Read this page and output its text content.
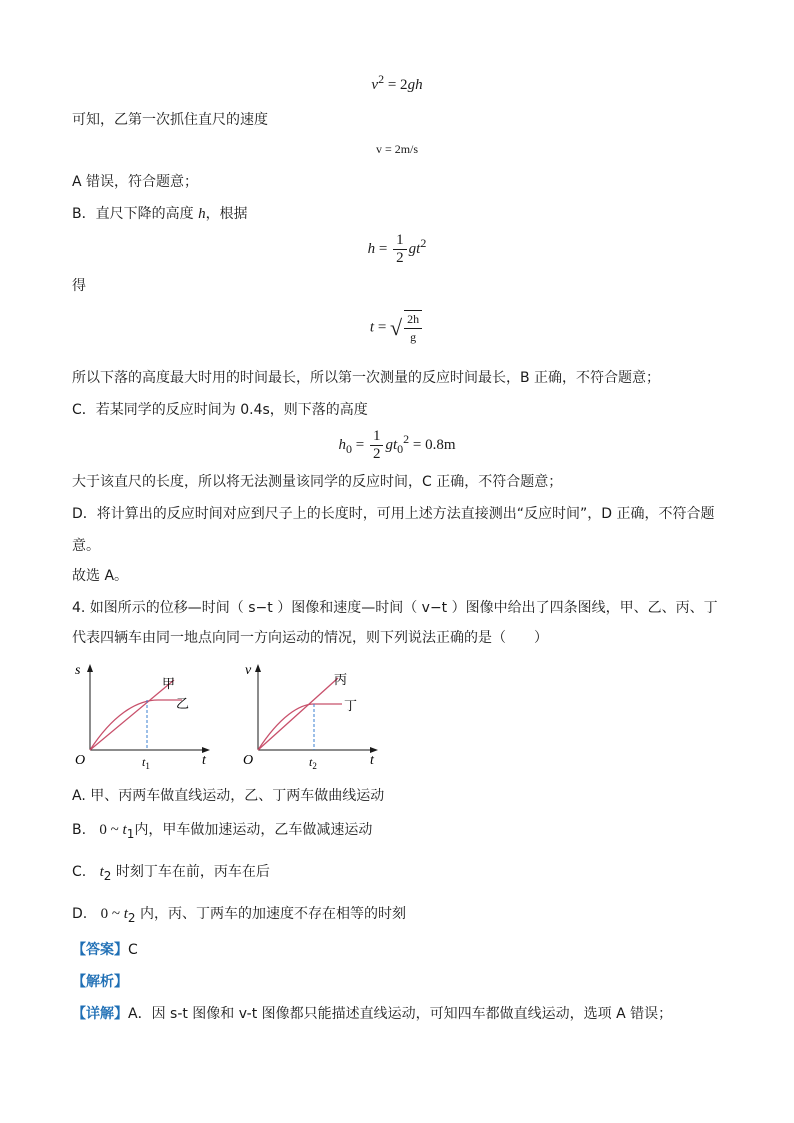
$v^2 = 2gh$
可知，乙第一次抓住直尺的速度
v = 2m/s
A 错误，符合题意；
B．直尺下降的高度 h，根据
$h = \frac{1}{2} gt^2$
得
t = √ $\frac{2h}{g}$
所以下落的高度最大时用的时间最长，所以第一次测量的反应时间最长，B 正确，不符合题意；
C．若某同学的反应时间为 0.4s，则下落的高度
$h_0 = \frac{1}{2} gt_0^2 = 0.8m$
大于该直尺的长度，所以将无法测量该同学的反应时间，C 正确，不符合题意；
D．将计算出的反应时间对应到尺子上的长度时，可用上述方法直接测出“反应时间”，D 正确，不符合题
意。
故选 A。
4. 如图所示的位移—时间（ s−t ）图像和速度—时间（ v−t ）图像中给出了四条图线，甲、乙、丙、丁
代表四辆车由同一地点向同一方向运动的情况，则下列说法正确的是（　　）
s
O	t
$t_1$
甲
乙
v
O	t
$t_2$
丙
丁
A. 甲、丙两车做直线运动，乙、丁两车做曲线运动
B. 0 ~ $t_1$内，甲车做加速运动，乙车做减速运动
C. $t_2$ 时刻丁车在前，丙车在后
D. 0 ~ $t_2$ 内，丙、丁两车的加速度不存在相等的时刻
【答案】C
【解析】
【详解】A．因 s-t 图像和 v-t 图像都只能描述直线运动，可知四车都做直线运动，选项 A 错误；
